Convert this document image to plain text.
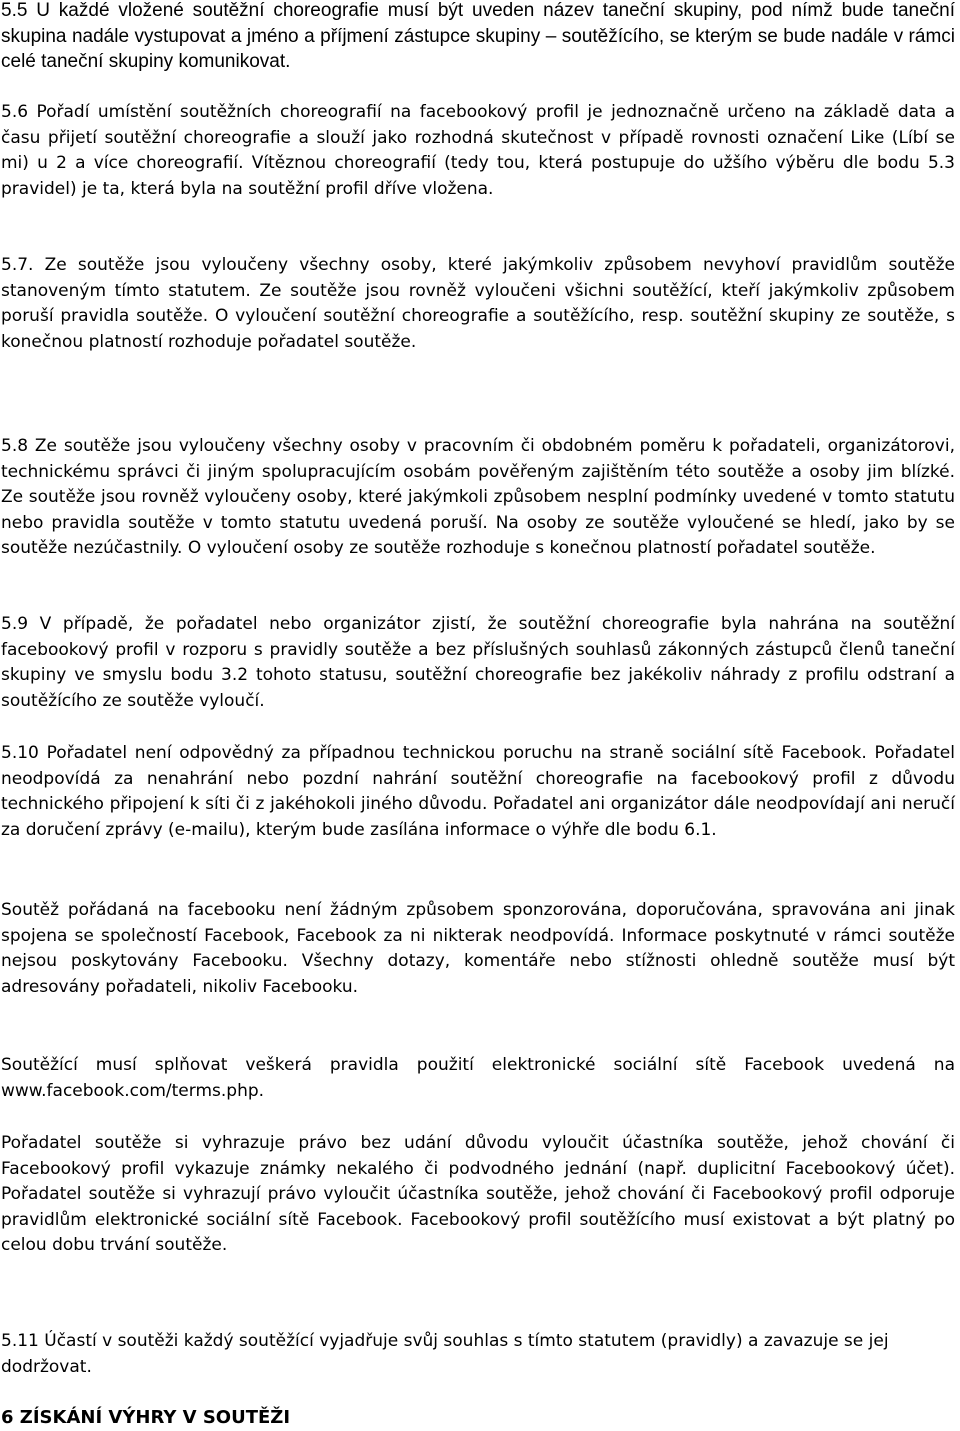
5.5 U každé vložené soutěžní choreografie musí být uveden název taneční skupiny, pod nímž bude taneční skupina nadále vystupovat a jméno a příjmení zástupce skupiny – soutěžícího, se kterým se bude nadále v rámci celé taneční skupiny komunikovat.

5.6 Pořadí umístění soutěžních choreografií na facebookový profil je jednoznačně určeno na základě data a času přijetí soutěžní choreografie a slouží jako rozhodná skutečnost v případě rovnosti označení Like (Líbí se mi) u 2 a více choreografií. Vítěznou choreografií (tedy tou, která postupuje do užšího výběru dle bodu 5.3 pravidel) je ta, která byla na soutěžní profil dříve vložena.

5.7. Ze soutěže jsou vyloučeny všechny osoby, které jakýmkoliv způsobem nevyhoví pravidlům soutěže stanoveným tímto statutem. Ze soutěže jsou rovněž vyloučeni všichni soutěžící, kteří jakýmkoliv způsobem poruší pravidla soutěže. O vyloučení soutěžní choreografie a soutěžícího, resp. soutěžní skupiny ze soutěže, s konečnou platností rozhoduje pořadatel soutěže.

5.8 Ze soutěže jsou vyloučeny všechny osoby v pracovním či obdobném poměru k pořadateli, organizátorovi, technickému správci či jiným spolupracujícím osobám pověřeným zajištěním této soutěže a osoby jim blízké. Ze soutěže jsou rovněž vyloučeny osoby, které jakýmkoli způsobem nesplní podmínky uvedené v tomto statutu nebo pravidla soutěže v tomto statutu uvedená poruší. Na osoby ze soutěže vyloučené se hledí, jako by se soutěže nezúčastnily. O vyloučení osoby ze soutěže rozhoduje s konečnou platností pořadatel soutěže.

5.9 V případě, že pořadatel nebo organizátor zjistí, že soutěžní choreografie byla nahrána na soutěžní facebookový profil v rozporu s pravidly soutěže a bez příslušných souhlasů zákonných zástupců členů taneční skupiny ve smyslu bodu 3.2 tohoto statusu, soutěžní choreografie bez jakékoliv náhrady z profilu odstraní a soutěžícího ze soutěže vyloučí.

5.10 Pořadatel není odpovědný za případnou technickou poruchu na straně sociální sítě Facebook. Pořadatel neodpovídá za nenahrání nebo pozdní nahrání soutěžní choreografie na facebookový profil z důvodu technického připojení k síti či z jakéhokoli jiného důvodu. Pořadatel ani organizátor dále neodpovídají ani neručí za doručení zprávy (e-mailu), kterým bude zasílána informace o výhře dle bodu 6.1.

Soutěž pořádaná na facebooku není žádným způsobem sponzorována, doporučována, spravována ani jinak spojena se společností Facebook, Facebook za ni nikterak neodpovídá. Informace poskytnuté v rámci soutěže nejsou poskytovány Facebooku. Všechny dotazy, komentáře nebo stížnosti ohledně soutěže musí být adresovány pořadateli, nikoliv Facebooku.

Soutěžící musí splňovat veškerá pravidla použití elektronické sociální sítě Facebook uvedená na www.facebook.com/terms.php.

Pořadatel soutěže si vyhrazuje právo bez udání důvodu vyloučit účastníka soutěže, jehož chování či Facebookový profil vykazuje známky nekalého či podvodného jednání (např. duplicitní Facebookový účet). Pořadatel soutěže si vyhrazují právo vyloučit účastníka soutěže, jehož chování či Facebookový profil odporuje pravidlům elektronické sociální sítě Facebook. Facebookový profil soutěžícího musí existovat a být platný po celou dobu trvání soutěže.

5.11 Účastí v soutěži každý soutěžící vyjadřuje svůj souhlas s tímto statutem (pravidly) a zavazuje se jej dodržovat.

6 ZÍSKÁNÍ VÝHRY V SOUTĚŽI
